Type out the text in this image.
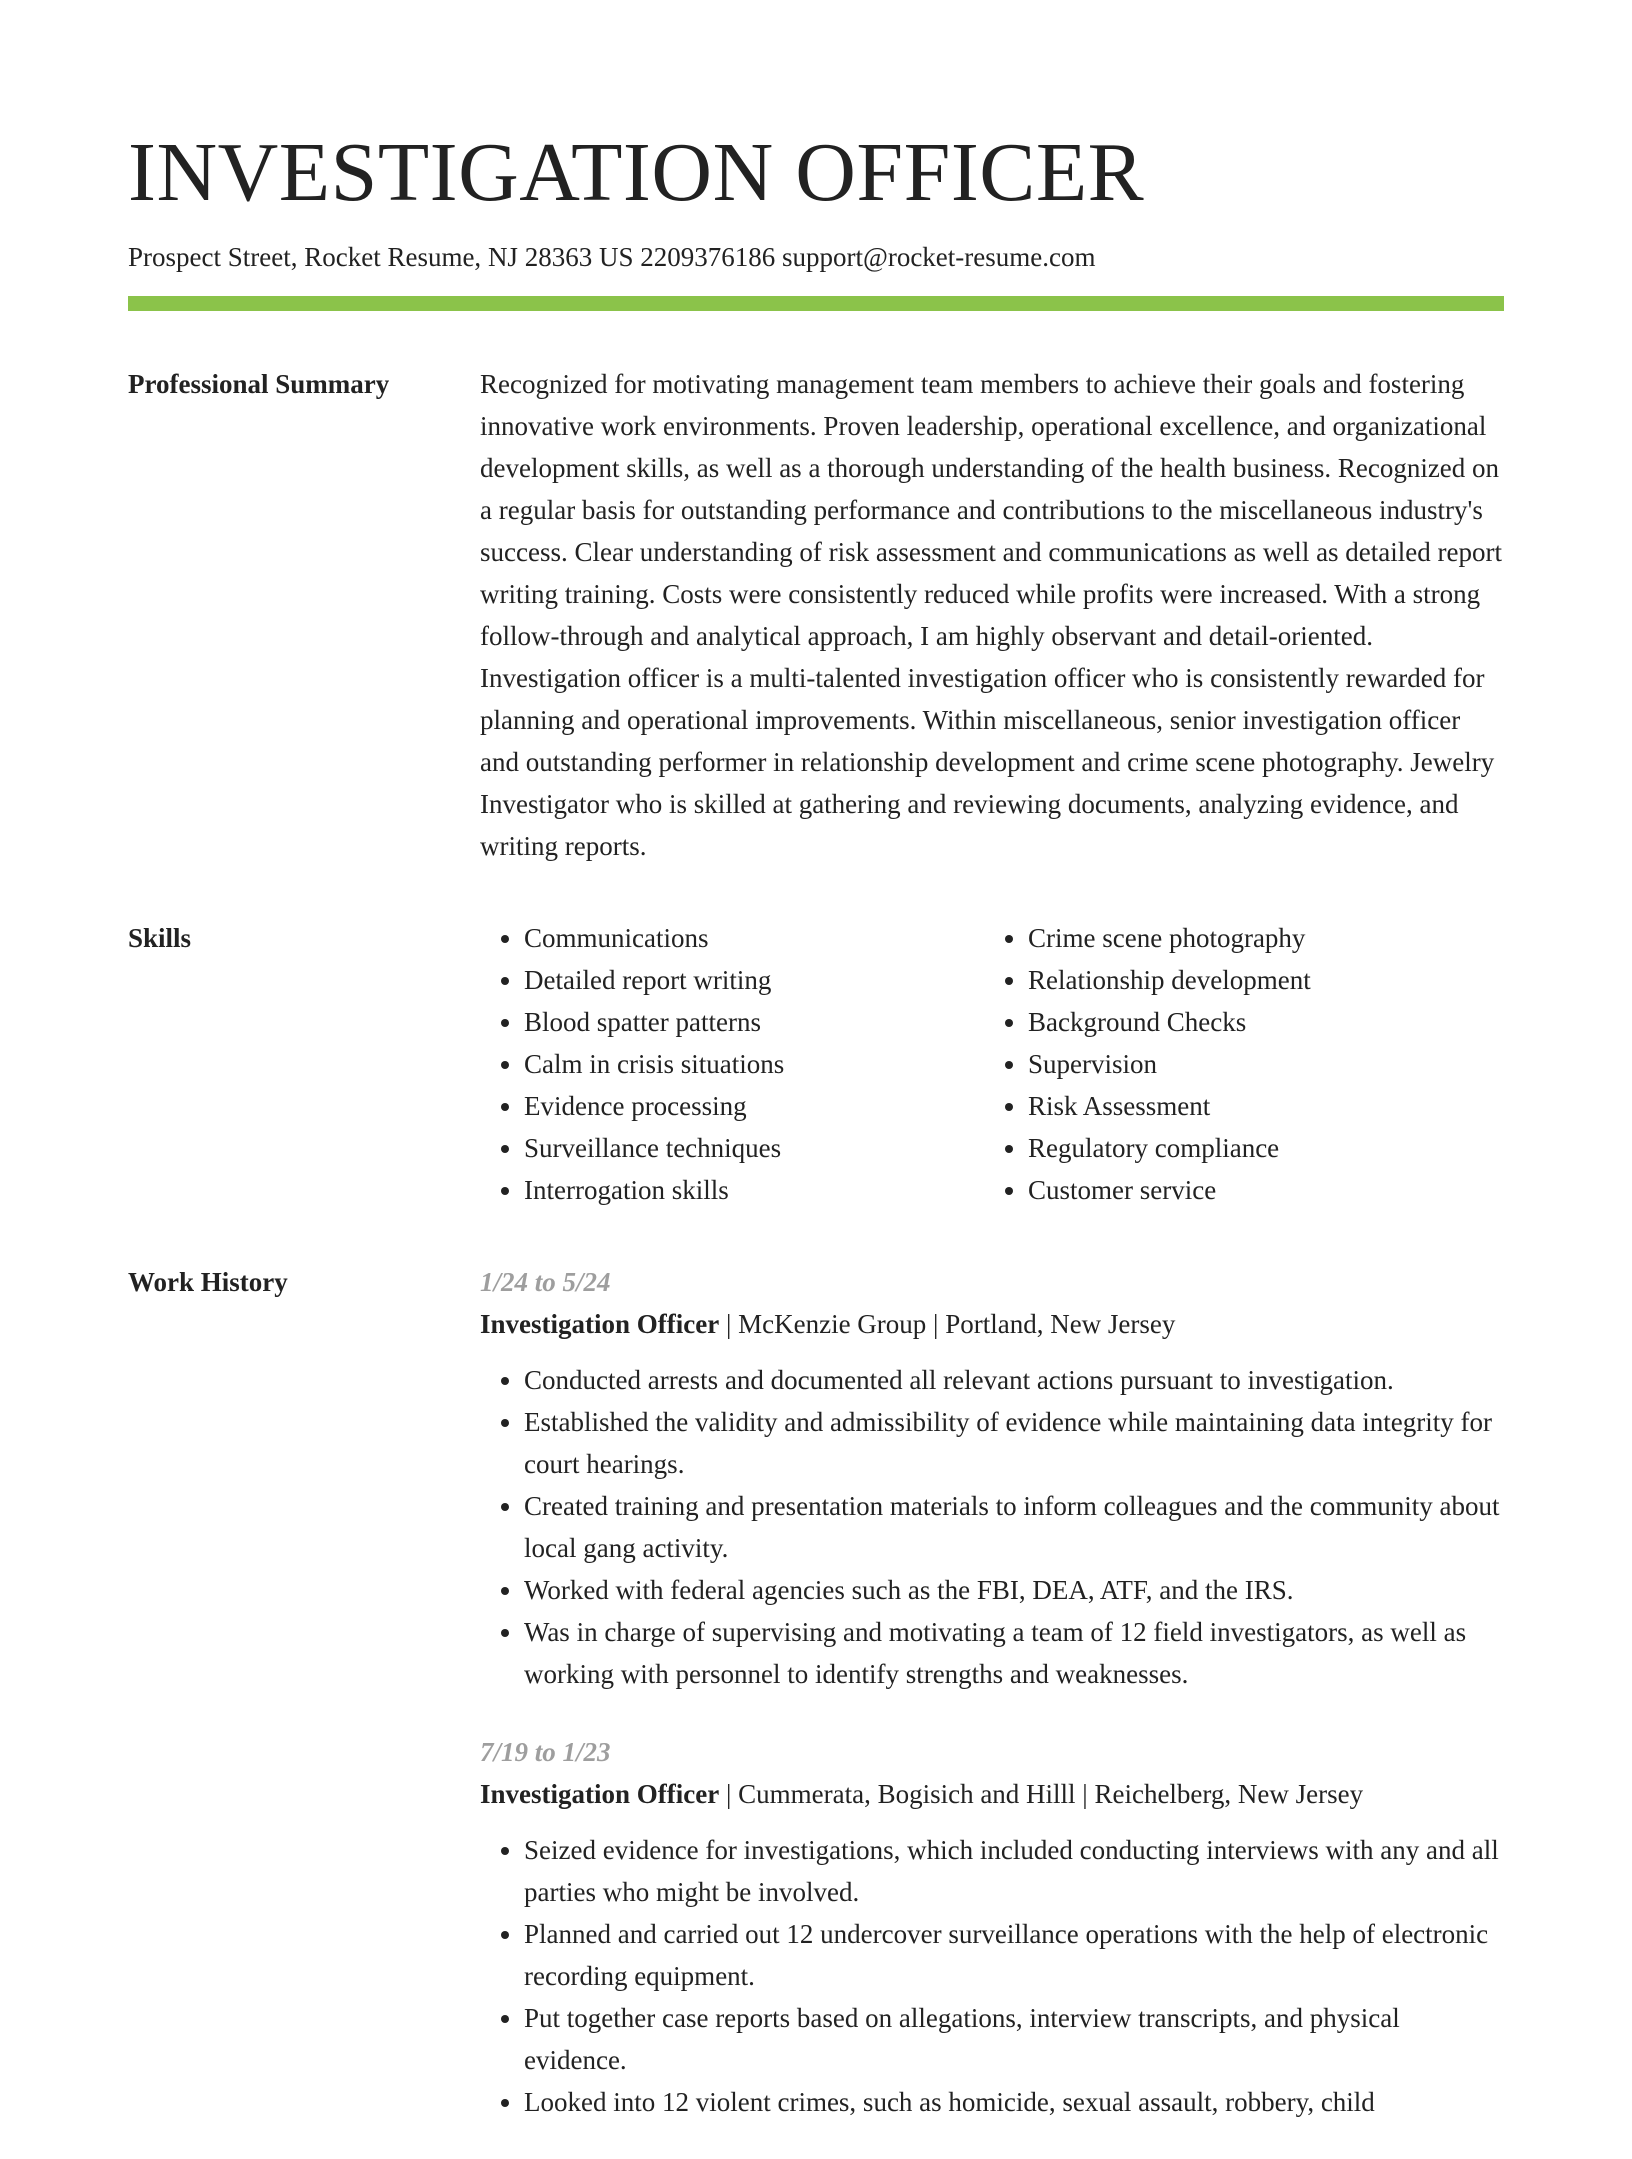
INVESTIGATION OFFICER
Prospect Street, Rocket Resume, NJ 28363 US 2209376186 support@rocket-resume.com
Professional Summary	Recognized for motivating management team members to achieve their goals and fostering innovative work environments. Proven leadership, operational excellence, and organizational development skills, as well as a thorough understanding of the health business. Recognized on a regular basis for outstanding performance and contributions to the miscellaneous industry's success. Clear understanding of risk assessment and communications as well as detailed report writing training. Costs were consistently reduced while profits were increased. With a strong follow-through and analytical approach, I am highly observant and detail-oriented. Investigation officer is a multi-talented investigation officer who is consistently rewarded for planning and operational improvements. Within miscellaneous, senior investigation officer and outstanding performer in relationship development and crime scene photography. Jewelry Investigator who is skilled at gathering and reviewing documents, analyzing evidence, and writing reports.

Skills
•	Communications
• Detailed report writing
• Blood spatter patterns
• Calm in crisis situations
• Evidence processing
• Surveillance techniques
• Interrogation skills
• Crime scene photography
• Relationship development
• Background Checks
• Supervision
• Risk Assessment
• Regulatory compliance
• Customer service
Work History	1/24 to 5/24
Investigation Officer | McKenzie Group | Portland, New Jersey
• Conducted arrests and documented all relevant actions pursuant to investigation.
• Established the validity and admissibility of evidence while maintaining data integrity for court hearings.
• Created training and presentation materials to inform colleagues and the community about local gang activity.
• Worked with federal agencies such as the FBI, DEA, ATF, and the IRS.
• Was in charge of supervising and motivating a team of 12 field investigators, as well as working with personnel to identify strengths and weaknesses.
7/19 to 1/23
Investigation Officer | Cummerata, Bogisich and Hilll | Reichelberg, New Jersey
• Seized evidence for investigations, which included conducting interviews with any and all parties who might be involved.
• Planned and carried out 12 undercover surveillance operations with the help of electronic recording equipment.
• Put together case reports based on allegations, interview transcripts, and physical evidence.
• Looked into 12 violent crimes, such as homicide, sexual assault, robbery, child
